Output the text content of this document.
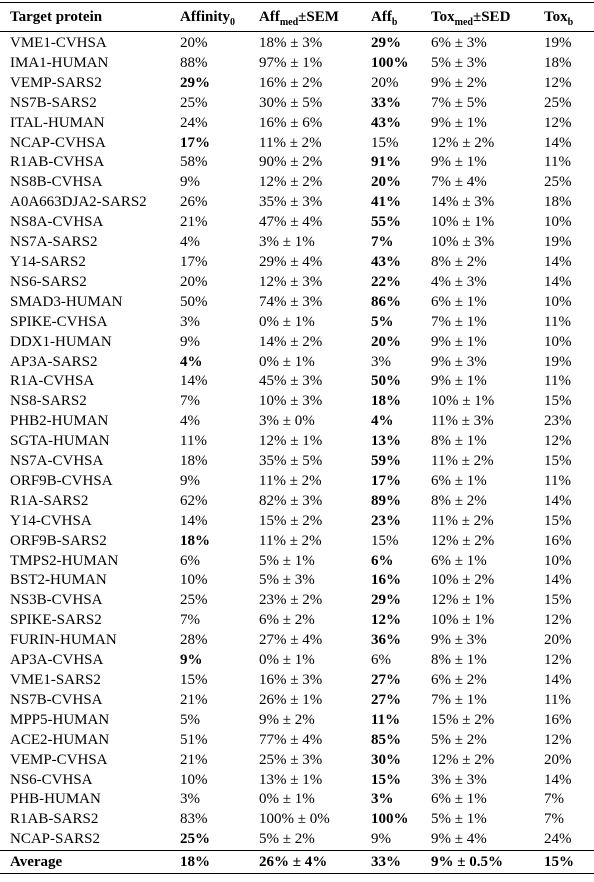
Target protein	Affinity$_0$	Aff$_{med}$±SEM	Aff$_b$	Tox$_{med}$±SED	Tox$_b$
VME1-CVHSA	20%	18% ± 3%	29%	6% ± 3%	19%
IMA1-HUMAN	88%	97% ± 1%	100%	5% ± 3%	18%
VEMP-SARS2	29%	16% ± 2%	20%	9% ± 2%	12%
NS7B-SARS2	25%	30% ± 5%	33%	7% ± 5%	25%
ITAL-HUMAN	24%	16% ± 6%	43%	9% ± 1%	12%
NCAP-CVHSA	17%	11% ± 2%	15%	12% ± 2%	14%
R1AB-CVHSA	58%	90% ± 2%	91%	9% ± 1%	11%
NS8B-CVHSA	9%	12% ± 2%	20%	7% ± 4%	25%
A0A663DJA2-SARS2	26%	35% ± 3%	41%	14% ± 3%	18%
NS8A-CVHSA	21%	47% ± 4%	55%	10% ± 1%	10%
NS7A-SARS2	4%	3% ± 1%	7%	10% ± 3%	19%
Y14-SARS2	17%	29% ± 4%	43%	8% ± 2%	14%
NS6-SARS2	20%	12% ± 3%	22%	4% ± 3%	14%
SMAD3-HUMAN	50%	74% ± 3%	86%	6% ± 1%	10%
SPIKE-CVHSA	3%	0% ± 1%	5%	7% ± 1%	11%
DDX1-HUMAN	9%	14% ± 2%	20%	9% ± 1%	10%
AP3A-SARS2	4%	0% ± 1%	3%	9% ± 3%	19%
R1A-CVHSA	14%	45% ± 3%	50%	9% ± 1%	11%
NS8-SARS2	7%	10% ± 3%	18%	10% ± 1%	15%
PHB2-HUMAN	4%	3% ± 0%	4%	11% ± 3%	23%
SGTA-HUMAN	11%	12% ± 1%	13%	8% ± 1%	12%
NS7A-CVHSA	18%	35% ± 5%	59%	11% ± 2%	15%
ORF9B-CVHSA	9%	11% ± 2%	17%	6% ± 1%	11%
R1A-SARS2	62%	82% ± 3%	89%	8% ± 2%	14%
Y14-CVHSA	14%	15% ± 2%	23%	11% ± 2%	15%
ORF9B-SARS2	18%	11% ± 2%	15%	12% ± 2%	16%
TMPS2-HUMAN	6%	5% ± 1%	6%	6% ± 1%	10%
BST2-HUMAN	10%	5% ± 3%	16%	10% ± 2%	14%
NS3B-CVHSA	25%	23% ± 2%	29%	12% ± 1%	15%
SPIKE-SARS2	7%	6% ± 2%	12%	10% ± 1%	12%
FURIN-HUMAN	28%	27% ± 4%	36%	9% ± 3%	20%
AP3A-CVHSA	9%	0% ± 1%	6%	8% ± 1%	12%
VME1-SARS2	15%	16% ± 3%	27%	6% ± 2%	14%
NS7B-CVHSA	21%	26% ± 1%	27%	7% ± 1%	11%
MPP5-HUMAN	5%	9% ± 2%	11%	15% ± 2%	16%
ACE2-HUMAN	51%	77% ± 4%	85%	5% ± 2%	12%
VEMP-CVHSA	21%	25% ± 3%	30%	12% ± 2%	20%
NS6-CVHSA	10%	13% ± 1%	15%	3% ± 3%	14%
PHB-HUMAN	3%	0% ± 1%	3%	6% ± 1%	7%
R1AB-SARS2	83%	100% ± 0%	100%	5% ± 1%	7%
NCAP-SARS2	25%	5% ± 2%	9%	9% ± 4%	24%
Average	18%	26% ± 4%	33%	9% ± 0.5%	15%
